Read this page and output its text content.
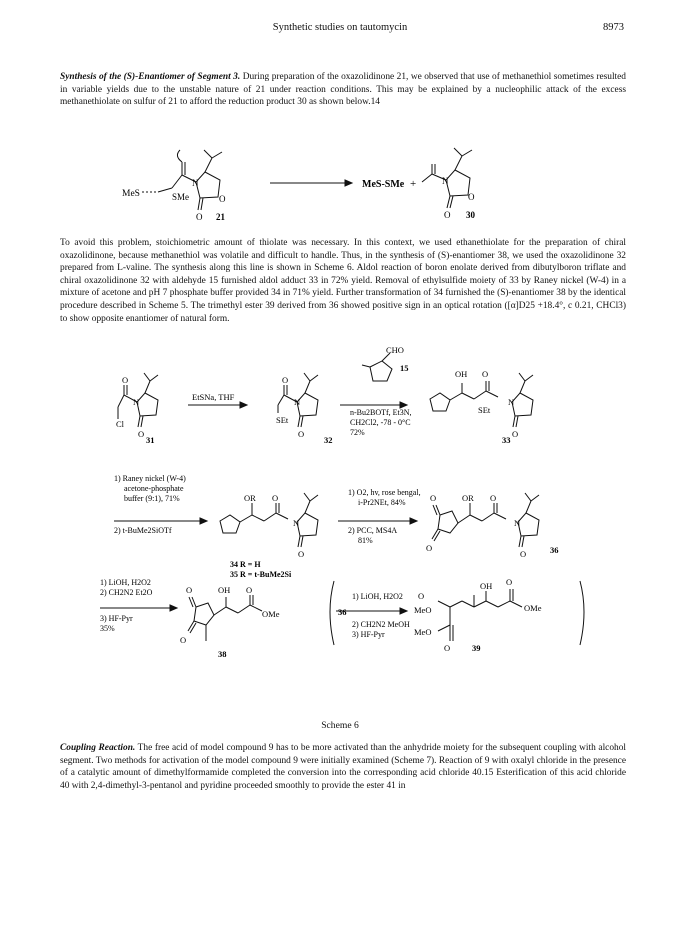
Synthetic studies on tautomycin	8973

Synthesis of the (S)-Enantiomer of Segment 3. During preparation of the oxazolidinone 21, we observed that use of methanethiol sometimes resulted in variable yields due to the unstable nature of 21 under reaction conditions. This may be explained by a nucleophilic attack of the excess methanethiolate on sulfur of 21 to afford the reduction product 30 as shown below.14

MeS	SMe
N
O
O 21
MeS-SMe +	N
O
O 30

To avoid this problem, stoichiometric amount of thiolate was necessary. In this context, we used ethanethiolate for the preparation of chiral oxazolidinone, because methanethiol was volatile and difficult to handle. Thus, in the synthesis of (S)-enantiomer 38, we used the oxazolidinone 32 prepared from L-valine. The synthesis along this line is shown in Scheme 6. Aldol reaction of boron enolate derived from dibutylboron triflate and chiral oxazolidinone 32 with aldehyde 15 furnished aldol adduct 33 in 72% yield. Removal of ethylsulfide moiety of 33 by Raney nickel (W-4) in a mixture of acetone and pH 7 phosphate buffer provided 34 in 71% yield. Further transformation of 34 furnished the (S)-enantiomer 38 by the identical procedure described in Scheme 5. The trimethyl ester 39 derived from 36 showed positive sign in an optical rotation ([α]D25 +18.4°, c 0.21, CHCl3) to show opposite enantiomer of natural form.

Cl
O
N
O
31
EtSNa, THF
SEt
O
N
O
32
CHO
15
n-Bu2BOTf, Et3N,
CH2Cl2, -78 - 0°C
72%
OH O
SEt
N
O
33
1) Raney nickel (W-4)
acetone-phosphate
buffer (9:1), 71%
2) t-BuMe2SiOTf
OR O
N
O
34 R = H
35 R = t-BuMe2Si
1) O2, hv, rose bengal,
i-Pr2NEt, 84%
2) PCC, MS4A
81%
O	OR O
N
O
O	36
1) LiOH, H2O2
2) CH2N2 Et2O
3) HF-Pyr
35%
O	OH O
OMe
O
38
36
1) LiOH, H2O2
2) CH2N2 MeOH
3) HF-Pyr
O
OH O
MeO
MeO
OMe
O	39
Scheme 6

Coupling Reaction. The free acid of model compound 9 has to be more activated than the anhydride moiety for the subsequent coupling with alcohol segment. Two methods for activation of the model compound 9 were initially examined (Scheme 7). Reaction of 9 with oxalyl chloride in the presence of a catalytic amount of dimethylformamide completed the conversion into the corresponding acid chloride 40.15 Esterification of this acid chloride 40 with 2,4-dimethyl-3-pentanol and pyridine proceeded smoothly to provide the ester 41 in
